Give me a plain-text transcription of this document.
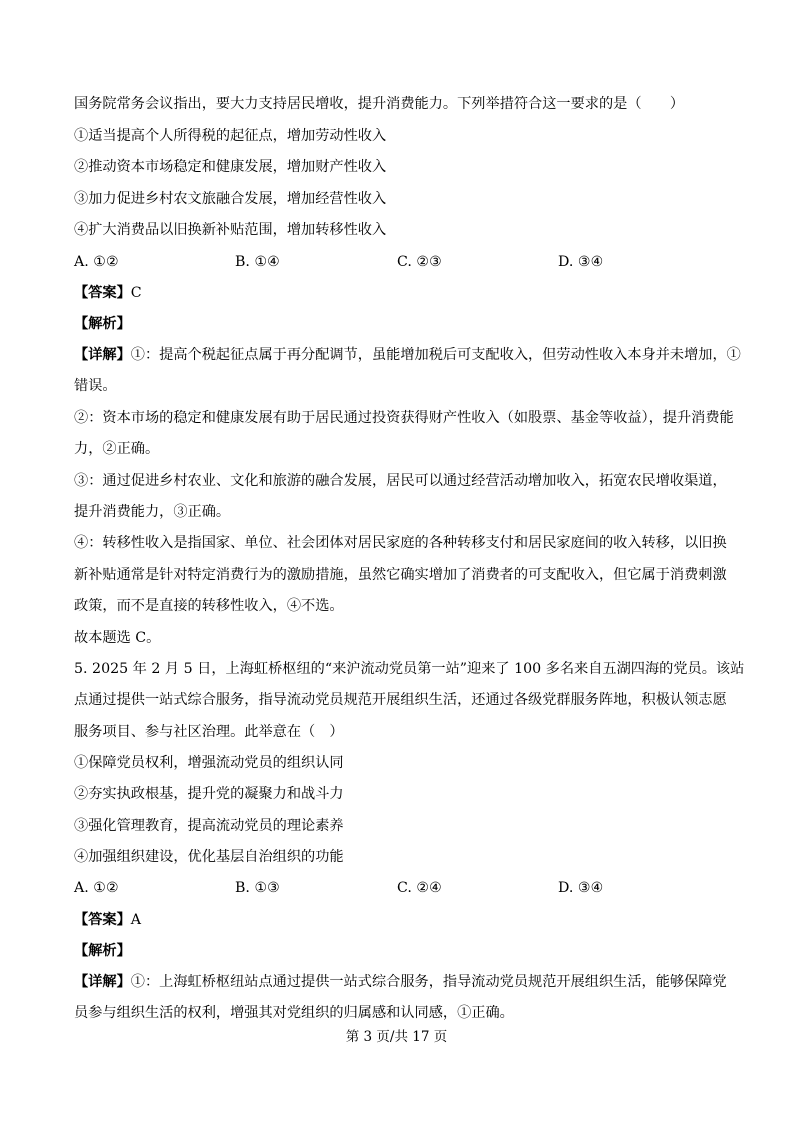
国务院常务会议指出，要大力支持居民增收，提升消费能力。下列举措符合这一要求的是（　　）
①适当提高个人所得税的起征点，增加劳动性收入
②推动资本市场稳定和健康发展，增加财产性收入
③加力促进乡村农文旅融合发展，增加经营性收入
④扩大消费品以旧换新补贴范围，增加转移性收入
A. ①②	B. ①④	C. ②③	D. ③④
【答案】C
【解析】
【详解】①：提高个税起征点属于再分配调节，虽能增加税后可支配收入，但劳动性收入本身并未增加，①
错误。
②：资本市场的稳定和健康发展有助于居民通过投资获得财产性收入（如股票、基金等收益），提升消费能
力，②正确。
③：通过促进乡村农业、文化和旅游的融合发展，居民可以通过经营活动增加收入，拓宽农民增收渠道，
提升消费能力，③正确。
④：转移性收入是指国家、单位、社会团体对居民家庭的各种转移支付和居民家庭间的收入转移，以旧换
新补贴通常是针对特定消费行为的激励措施，虽然它确实增加了消费者的可支配收入，但它属于消费刺激
政策，而不是直接的转移性收入，④不选。
故本题选 C。
5. 2025 年 2 月 5 日，上海虹桥枢纽的“来沪流动党员第一站”迎来了 100 多名来自五湖四海的党员。该站
点通过提供一站式综合服务，指导流动党员规范开展组织生活，还通过各级党群服务阵地，积极认领志愿
服务项目、参与社区治理。此举意在（　）
①保障党员权利，增强流动党员的组织认同
②夯实执政根基，提升党的凝聚力和战斗力
③强化管理教育，提高流动党员的理论素养
④加强组织建设，优化基层自治组织的功能
A. ①②	B. ①③	C. ②④	D. ③④
【答案】A
【解析】
【详解】①：上海虹桥枢纽站点通过提供一站式综合服务，指导流动党员规范开展组织生活，能够保障党
员参与组织生活的权利，增强其对党组织的归属感和认同感，①正确。
第 3 页/共 17 页
